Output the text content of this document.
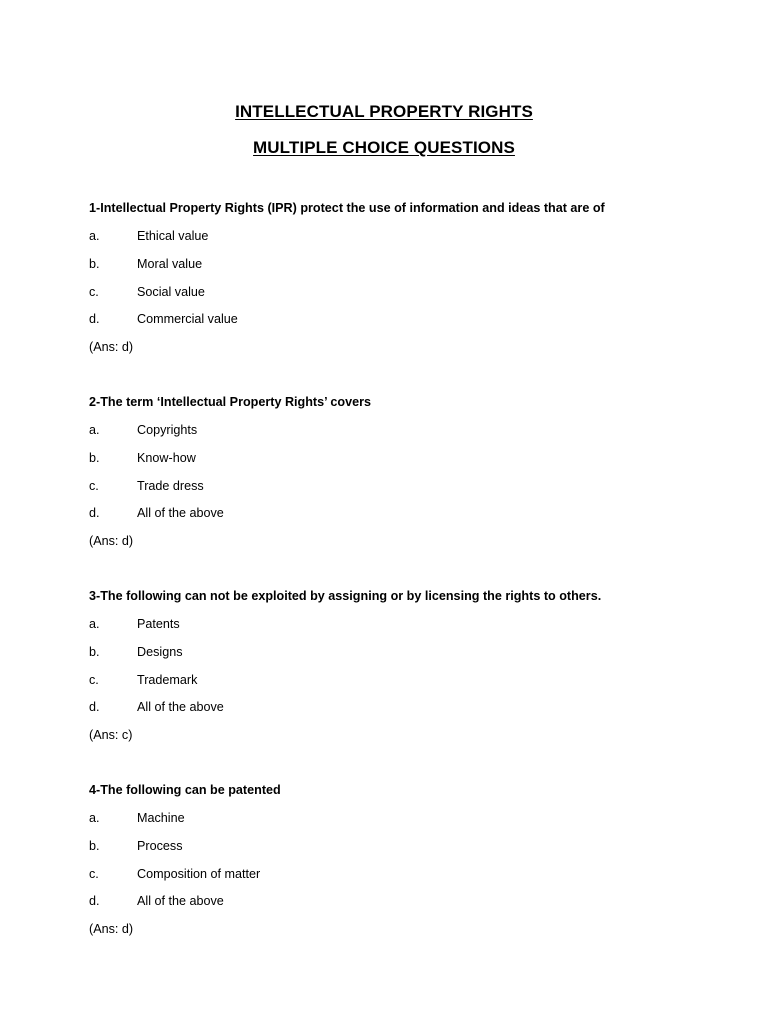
INTELLECTUAL PROPERTY RIGHTS
MULTIPLE CHOICE QUESTIONS
1-Intellectual Property Rights (IPR) protect the use of information and ideas that are of
a.	Ethical value
b.	Moral value
c.	Social value
d.	Commercial value
(Ans: d)
2-The term ‘Intellectual Property Rights’ covers
a.	Copyrights
b.	Know-how
c.	Trade dress
d.	All of the above
(Ans: d)
3-The following can not be exploited by assigning or by licensing the rights to others.
a.	Patents
b.	Designs
c.	Trademark
d.	All of the above
(Ans: c)
4-The following can be patented
a.	Machine
b.	Process
c.	Composition of matter
d.	All of the above
(Ans: d)
